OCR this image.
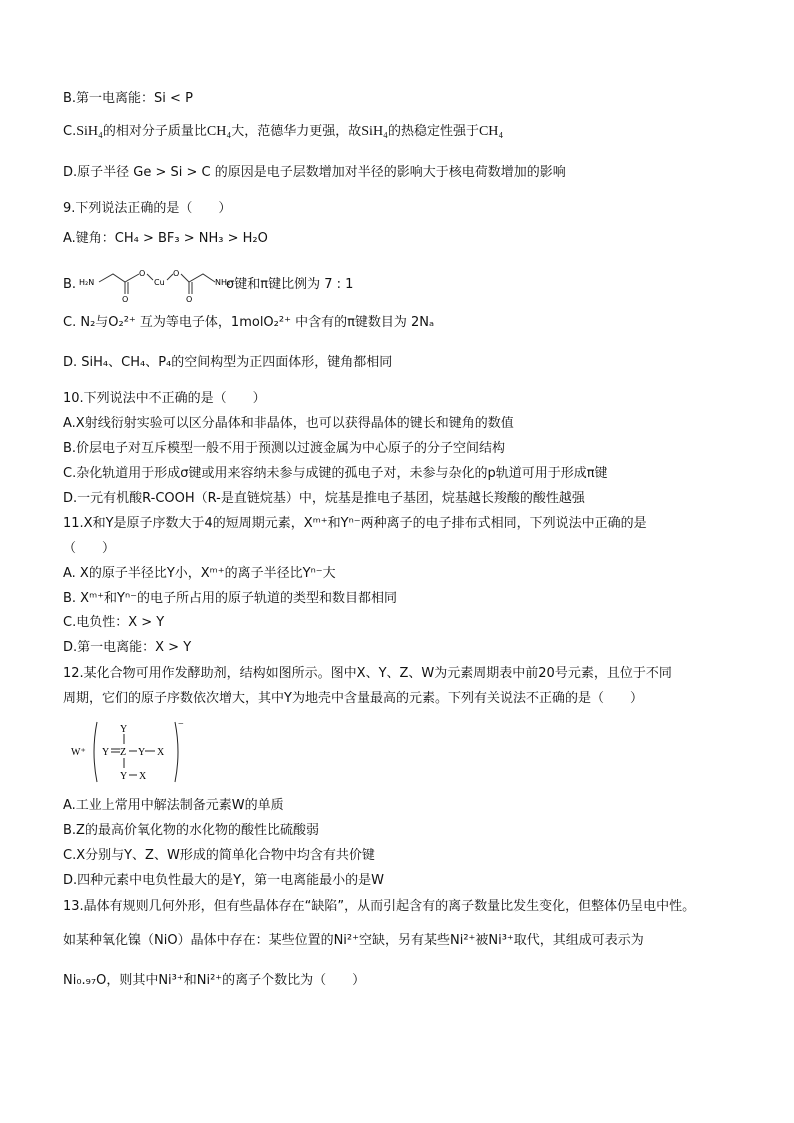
B.第一电离能：Si < P
C.SiH₄的相对分子质量比CH₄大，范德华力更强，故SiH₄的热稳定性强于CH₄
D.原子半径 Ge > Si > C 的原因是电子层数增加对半径的影响大于核电荷数增加的影响
9.下列说法正确的是（　　）
A.键角：CH₄ > BF₃ > NH₃ > H₂O
B. H₂N
O
Cu
O
O	O
NH₂
σ键和π键比例为 7 : 1
C. N₂与O₂²⁺ 互为等电子体，1molO₂²⁺ 中含有的π键数目为 2Nₐ
D. SiH₄、CH₄、P₄的空间构型为正四面体形，键角都相同
10.下列说法中不正确的是（　　）
A.X射线衍射实验可以区分晶体和非晶体，也可以获得晶体的键长和键角的数值
B.价层电子对互斥模型一般不用于预测以过渡金属为中心原子的分子空间结构
C.杂化轨道用于形成σ键或用来容纳未参与成键的孤电子对，未参与杂化的p轨道可用于形成π键
D.一元有机酸R-COOH（R-是直链烷基）中，烷基是推电子基团，烷基越长羧酸的酸性越强
11.X和Y是原子序数大于4的短周期元素，Xᵐ⁺和Yⁿ⁻两种离子的电子排布式相同，下列说法中正确的是
（　　）
A. X的原子半径比Y小，Xᵐ⁺的离子半径比Yⁿ⁻大
B. Xᵐ⁺和Yⁿ⁻的电子所占用的原子轨道的类型和数目都相同
C.电负性：X > Y
D.第一电离能：X > Y
12.某化合物可用作发酵助剂，结构如图所示。图中X、Y、Z、W为元素周期表中前20号元素，且位于不同
周期，它们的原子序数依次增大，其中Y为地壳中含量最高的元素。下列有关说法不正确的是（　　）
W⁺
Y
Y Z Y X
Y X
−
A.工业上常用中解法制备元素W的单质
B.Z的最高价氧化物的水化物的酸性比硫酸弱
C.X分别与Y、Z、W形成的简单化合物中均含有共价键
D.四种元素中电负性最大的是Y，第一电离能最小的是W
13.晶体有规则几何外形，但有些晶体存在“缺陷”，从而引起含有的离子数量比发生变化，但整体仍呈电中性。
如某种氧化镍（NiO）晶体中存在：某些位置的Ni²⁺空缺，另有某些Ni²⁺被Ni³⁺取代，其组成可表示为
Ni₀.₉₇O，则其中Ni³⁺和Ni²⁺的离子个数比为（　　）
